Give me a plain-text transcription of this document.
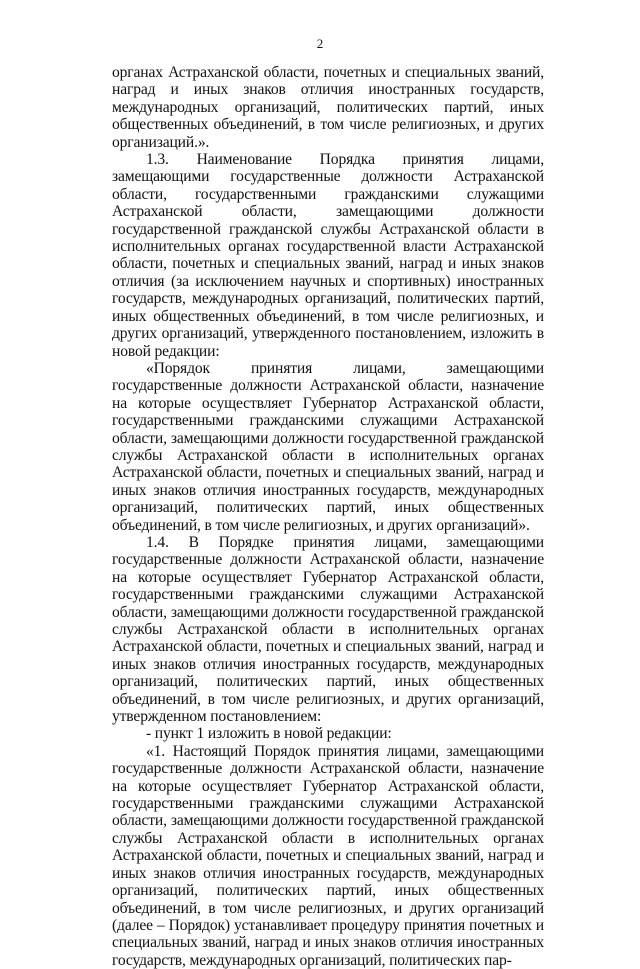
2

органах Астраханской области, почетных и специальных званий, наград и иных знаков отличия иностранных государств, международных организаций, политических партий, иных общественных объединений, в том числе религиозных, и других организаций.».

1.3. Наименование Порядка принятия лицами, замещающими государственные должности Астраханской области, государственными гражданскими служащими Астраханской области, замещающими должности государственной гражданской службы Астраханской области в исполнительных органах государственной власти Астраханской области, почетных и специальных званий, наград и иных знаков отличия (за исключением научных и спортивных) иностранных государств, международных организаций, политических партий, иных общественных объединений, в том числе религиозных, и других организаций, утвержденного постановлением, изложить в новой редакции:

«Порядок принятия лицами, замещающими государственные должности Астраханской области, назначение на которые осуществляет Губернатор Астраханской области, государственными гражданскими служащими Астраханской области, замещающими должности государственной гражданской службы Астраханской области в исполнительных органах Астраханской области, почетных и специальных званий, наград и иных знаков отличия иностранных государств, международных организаций, политических партий, иных общественных объединений, в том числе религиозных, и других организаций».

1.4. В Порядке принятия лицами, замещающими государственные должности Астраханской области, назначение на которые осуществляет Губернатор Астраханской области, государственными гражданскими служащими Астраханской области, замещающими должности государственной гражданской службы Астраханской области в исполнительных органах Астраханской области, почетных и специальных званий, наград и иных знаков отличия иностранных государств, международных организаций, политических партий, иных общественных объединений, в том числе религиозных, и других организаций, утвержденном постановлением:

- пункт 1 изложить в новой редакции:

«1. Настоящий Порядок принятия лицами, замещающими государственные должности Астраханской области, назначение на которые осуществляет Губернатор Астраханской области, государственными гражданскими служащими Астраханской области, замещающими должности государственной гражданской службы Астраханской области в исполнительных органах Астраханской области, почетных и специальных званий, наград и иных знаков отличия иностранных государств, международных организаций, политических партий, иных общественных объединений, в том числе религиозных, и других организаций (далее – Порядок) устанавливает процедуру принятия почетных и специальных званий, наград и иных знаков отличия иностранных государств, международных организаций, политических пар-
